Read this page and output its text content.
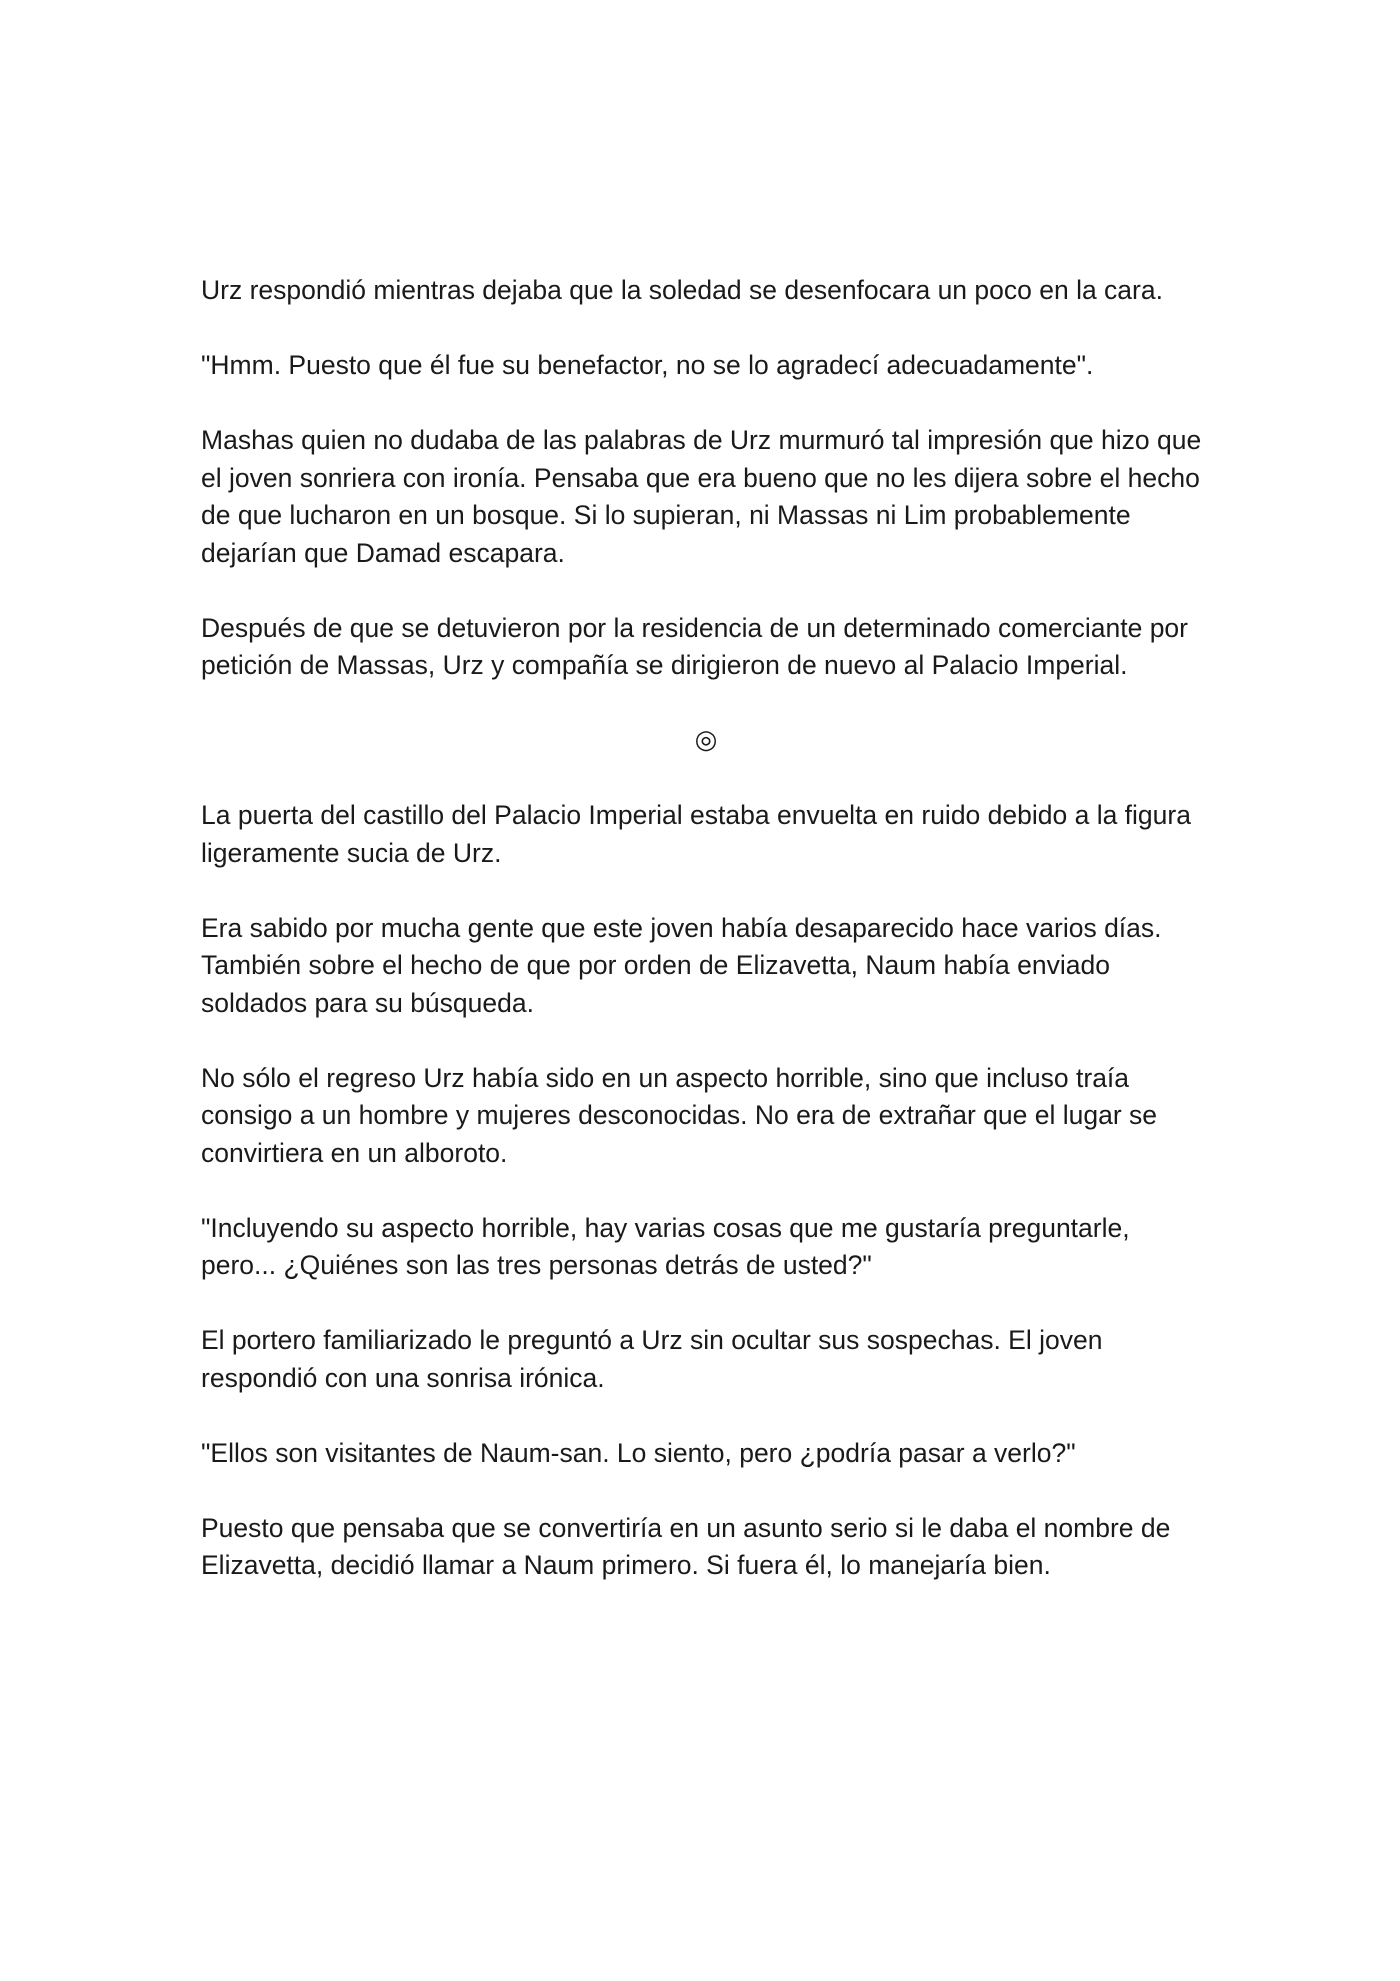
Urz respondió mientras dejaba que la soledad se desenfocara un poco en la cara.

"Hmm. Puesto que él fue su benefactor, no se lo agradecí adecuadamente".

Mashas quien no dudaba de las palabras de Urz murmuró tal impresión que hizo que el joven sonriera con ironía. Pensaba que era bueno que no les dijera sobre el hecho de que lucharon en un bosque. Si lo supieran, ni Massas ni Lim probablemente dejarían que Damad escapara.

Después de que se detuvieron por la residencia de un determinado comerciante por petición de Massas, Urz y compañía se dirigieron de nuevo al Palacio Imperial.

◎

La puerta del castillo del Palacio Imperial estaba envuelta en ruido debido a la figura ligeramente sucia de Urz.

Era sabido por mucha gente que este joven había desaparecido hace varios días. También sobre el hecho de que por orden de Elizavetta, Naum había enviado soldados para su búsqueda.

No sólo el regreso Urz había sido en un aspecto horrible, sino que incluso traía consigo a un hombre y mujeres desconocidas. No era de extrañar que el lugar se convirtiera en un alboroto.

"Incluyendo su aspecto horrible, hay varias cosas que me gustaría preguntarle, pero... ¿Quiénes son las tres personas detrás de usted?"

El portero familiarizado le preguntó a Urz sin ocultar sus sospechas. El joven respondió con una sonrisa irónica.

"Ellos son visitantes de Naum-san. Lo siento, pero ¿podría pasar a verlo?"

Puesto que pensaba que se convertiría en un asunto serio si le daba el nombre de Elizavetta, decidió llamar a Naum primero. Si fuera él, lo manejaría bien.
